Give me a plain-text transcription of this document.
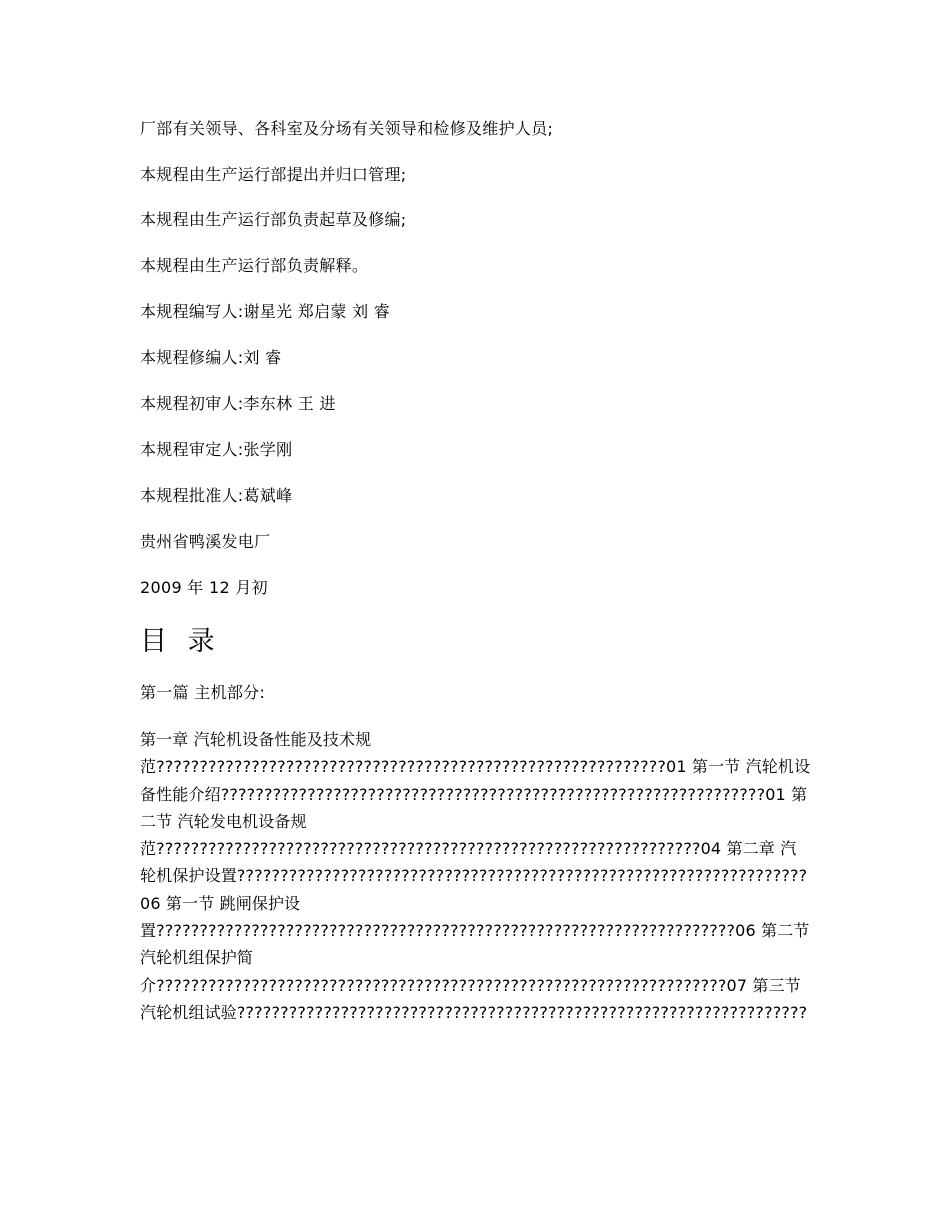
厂部有关领导、各科室及分场有关领导和检修及维护人员;

本规程由生产运行部提出并归口管理;

本规程由生产运行部负责起草及修编;

本规程由生产运行部负责解释。

本规程编写人:谢星光 郑启蒙 刘 睿

本规程修编人:刘 睿

本规程初审人:李东林 王 进

本规程审定人:张学刚

本规程批准人:葛斌峰

贵州省鸭溪发电厂

2009 年 12 月初

目 录

第一篇 主机部分:

第一章 汽轮机设备性能及技术规范???????????????????????????????????????????????????????????01 第一节 汽轮机设备性能介绍???????????????????????????????????????????????????????????????01 第二节 汽轮发电机设备规范???????????????????????????????????????????????????????????????04 第二章 汽轮机保护设置??????????????????????????????????????????????????????????????????06 第一节 跳闸保护设置???????????????????????????????????????????????????????????????????06 第二节 汽轮机组保护简介??????????????????????????????????????????????????????????????????07 第三节 汽轮机组试验??????????????????????????????????????????????????????????????????
